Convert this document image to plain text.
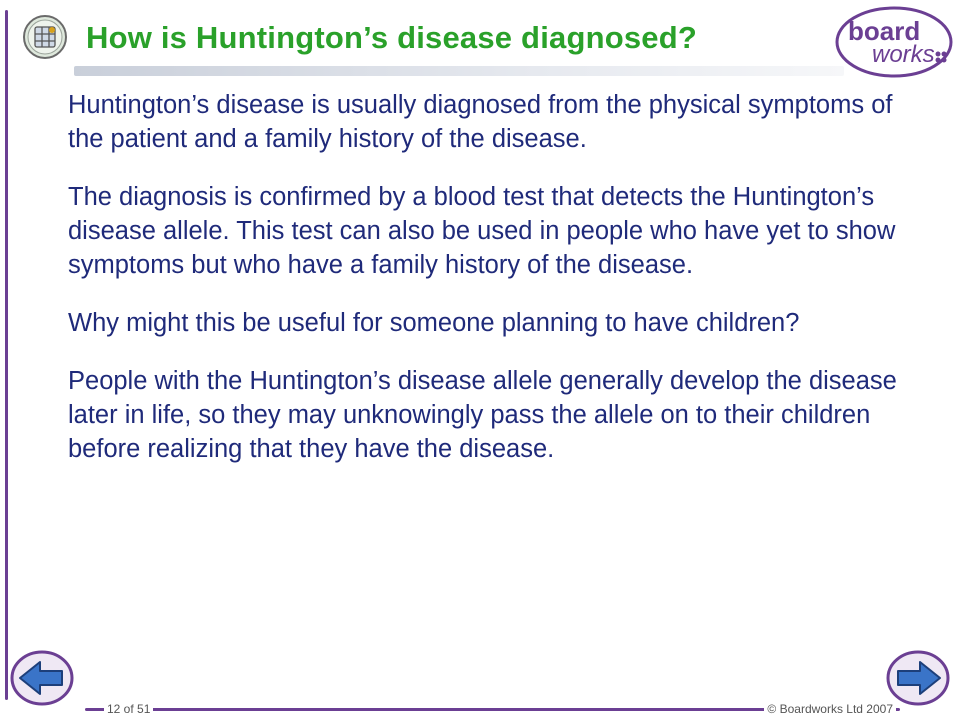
How is Huntington’s disease diagnosed?	board
works

Huntington’s disease is usually diagnosed from the physical symptoms of the patient and a family history of the disease.

The diagnosis is confirmed by a blood test that detects the Huntington’s disease allele. This test can also be used in people who have yet to show symptoms but who have a family history of the disease.

Why might this be useful for someone planning to have children?

People with the Huntington’s disease allele generally develop the disease later in life, so they may unknowingly pass the allele on to their children before realizing that they have the disease.

12 of 51	© Boardworks Ltd 2007
